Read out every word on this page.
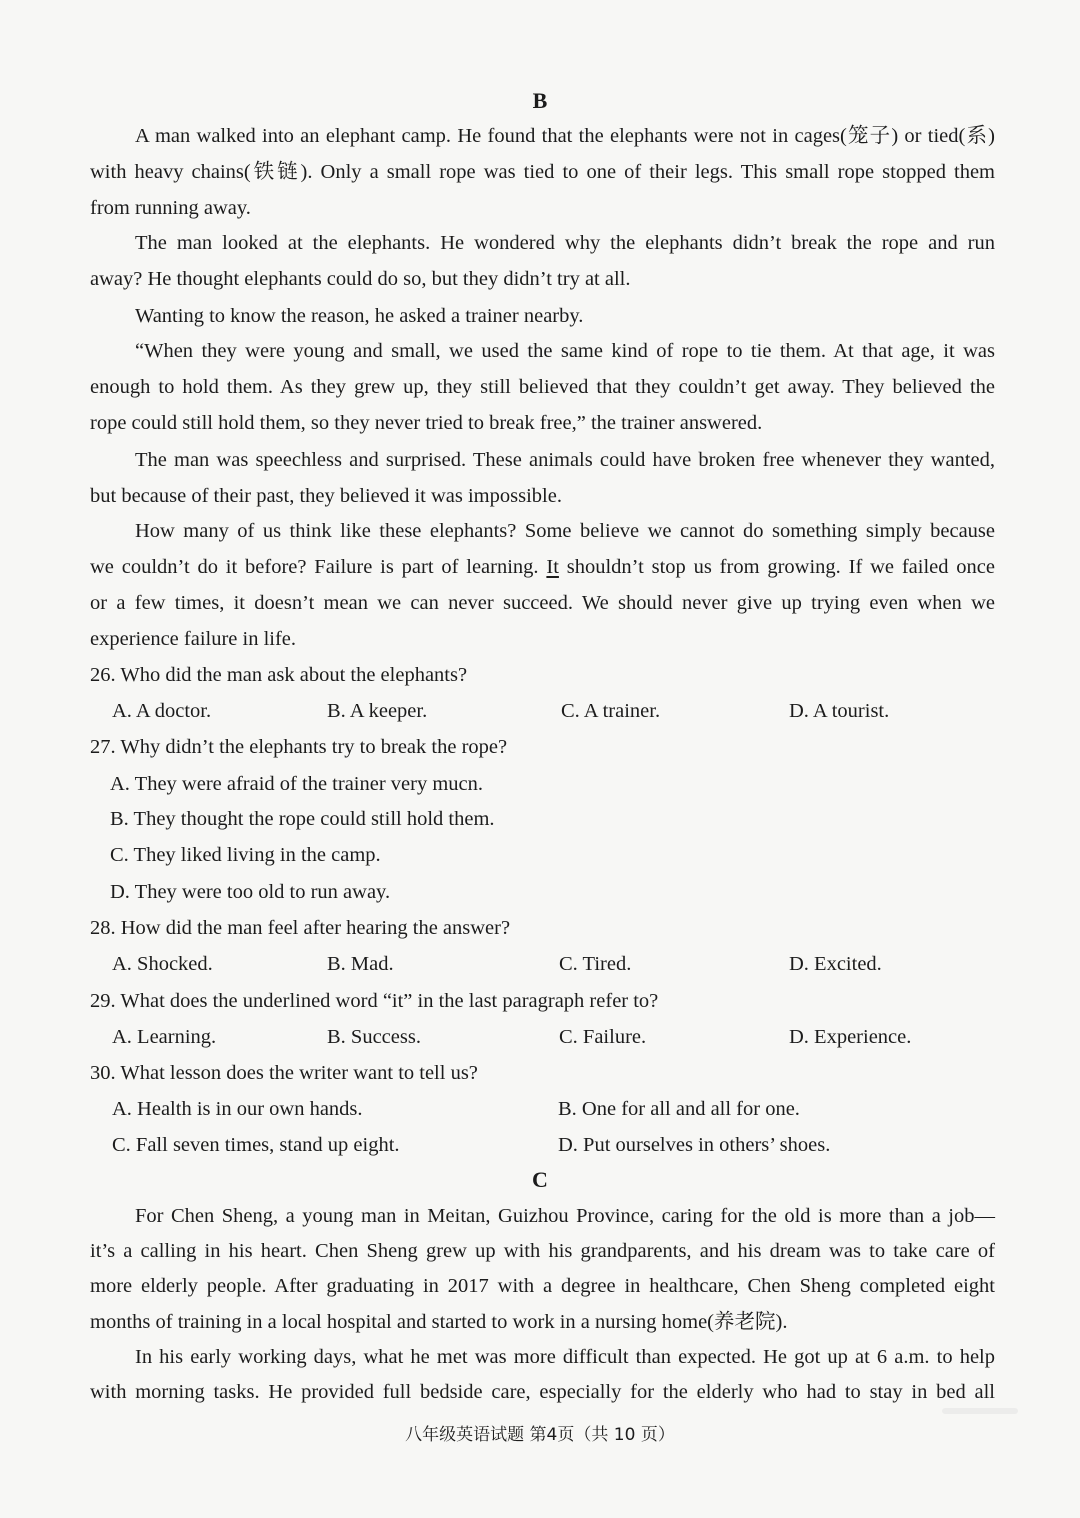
B
A man walked into an elephant camp. He found that the elephants were not in cages(笼子) or tied(系)
with heavy chains(铁链). Only a small rope was tied to one of their legs. This small rope stopped them
from running away.
The man looked at the elephants. He wondered why the elephants didn’t break the rope and run
away? He thought elephants could do so, but they didn’t try at all.
Wanting to know the reason, he asked a trainer nearby.
“When they were young and small, we used the same kind of rope to tie them. At that age, it was
enough to hold them. As they grew up, they still believed that they couldn’t get away. They believed the
rope could still hold them, so they never tried to break free,” the trainer answered.
The man was speechless and surprised. These animals could have broken free whenever they wanted,
but because of their past, they believed it was impossible.
How many of us think like these elephants? Some believe we cannot do something simply because
we couldn’t do it before? Failure is part of learning. It shouldn’t stop us from growing. If we failed once
or a few times, it doesn’t mean we can never succeed. We should never give up trying even when we
experience failure in life.
26. Who did the man ask about the elephants?
A. A doctor.	B. A keeper.	C. A trainer.	D. A tourist.
27. Why didn’t the elephants try to break the rope?
A. They were afraid of the trainer very mucn.
B. They thought the rope could still hold them.
C. They liked living in the camp.
D. They were too old to run away.
28. How did the man feel after hearing the answer?
A. Shocked.	B. Mad.	C. Tired.	D. Excited.
29. What does the underlined word “it” in the last paragraph refer to?
A. Learning.	B. Success.	C. Failure.	D. Experience.
30. What lesson does the writer want to tell us?
A. Health is in our own hands.	B. One for all and all for one.
C. Fall seven times, stand up eight.	D. Put ourselves in others’ shoes.
C
For Chen Sheng, a young man in Meitan, Guizhou Province, caring for the old is more than a job—
it’s a calling in his heart. Chen Sheng grew up with his grandparents, and his dream was to take care of
more elderly people. After graduating in 2017 with a degree in healthcare, Chen Sheng completed eight
months of training in a local hospital and started to work in a nursing home(养老院).
In his early working days, what he met was more difficult than expected. He got up at 6 a.m. to help
with morning tasks. He provided full bedside care, especially for the elderly who had to stay in bed all
八年级英语试题 第4页（共 10 页）
